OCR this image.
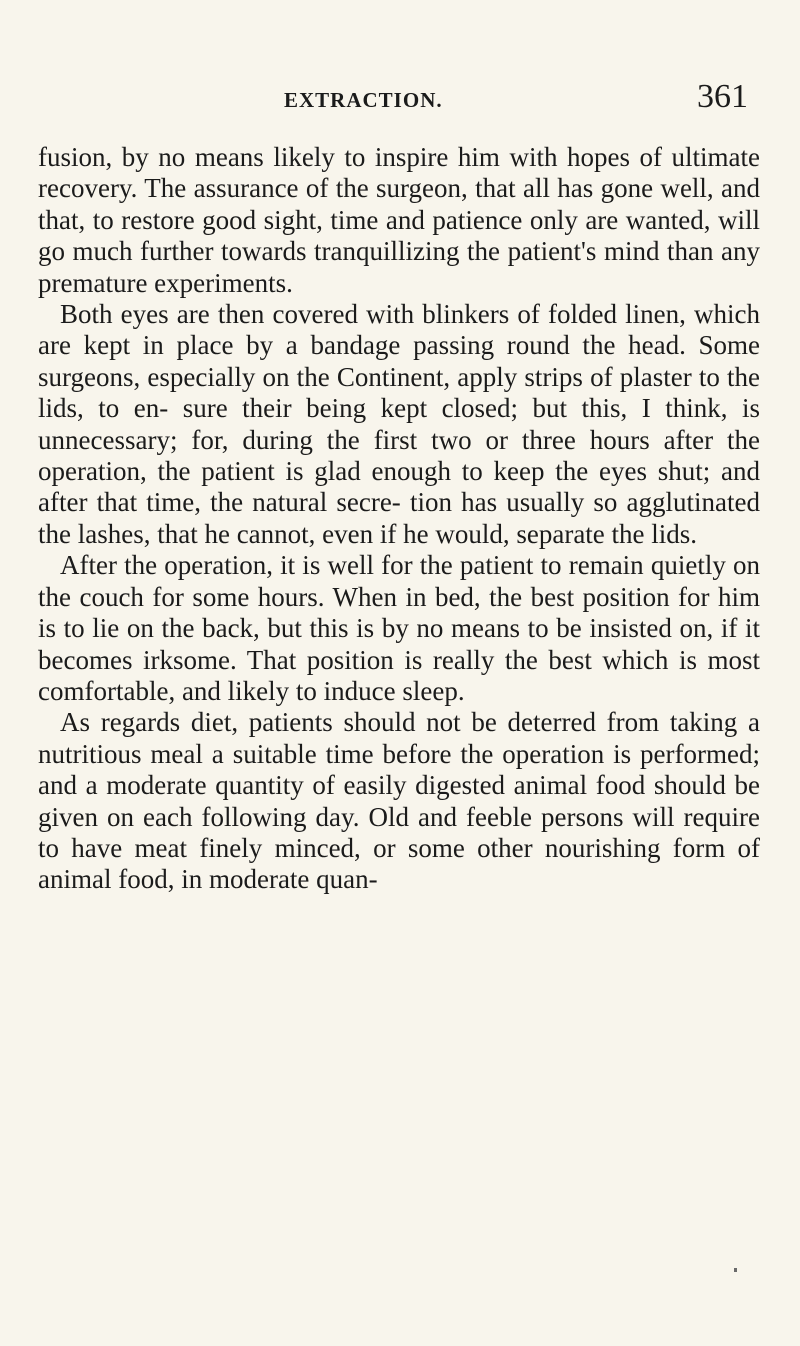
EXTRACTION.	361

fusion, by no means likely to inspire him with hopes of ultimate recovery. The assurance of the surgeon, that all has gone well, and that, to restore good sight, time and patience only are wanted, will go much further towards tranquillizing the patient's mind than any premature experiments.

Both eyes are then covered with blinkers of folded linen, which are kept in place by a bandage passing round the head. Some surgeons, especially on the Continent, apply strips of plaster to the lids, to en- sure their being kept closed; but this, I think, is unnecessary; for, during the first two or three hours after the operation, the patient is glad enough to keep the eyes shut; and after that time, the natural secre- tion has usually so agglutinated the lashes, that he cannot, even if he would, separate the lids.

After the operation, it is well for the patient to remain quietly on the couch for some hours. When in bed, the best position for him is to lie on the back, but this is by no means to be insisted on, if it becomes irksome. That position is really the best which is most comfortable, and likely to induce sleep.

As regards diet, patients should not be deterred from taking a nutritious meal a suitable time before the operation is performed; and a moderate quantity of easily digested animal food should be given on each following day. Old and feeble persons will require to have meat finely minced, or some other nourishing form of animal food, in moderate quan-
